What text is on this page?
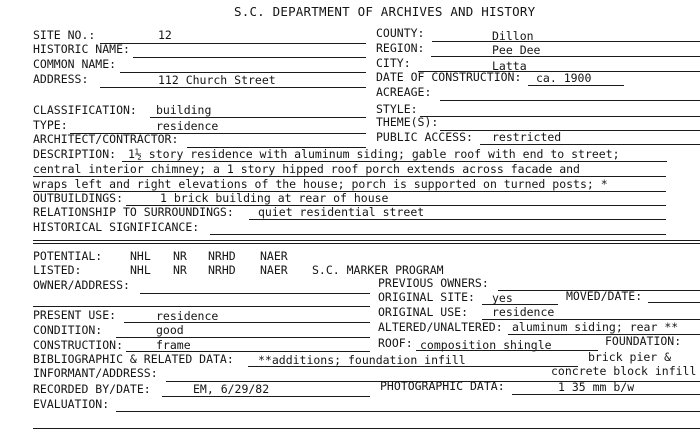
S.C. DEPARTMENT OF ARCHIVES AND HISTORY
SITE NO.:	12	COUNTY:	Dillon
HISTORIC NAME:	REGION:	Pee Dee
COMMON NAME:	CITY:	Latta
ADDRESS:	112 Church Street	DATE OF CONSTRUCTION: ca. 1900
ACREAGE:
CLASSIFICATION: building	STYLE:
TYPE:	residence	THEME(S):
ARCHITECT/CONTRACTOR:	PUBLIC ACCESS: restricted
DESCRIPTION: 1½ story residence with aluminum siding; gable roof with end to street;
central interior chimney; a 1 story hipped roof porch extends across facade and
wraps left and right elevations of the house; porch is supported on turned posts; *
OUTBUILDINGS:	1 brick building at rear of house
RELATIONSHIP TO SURROUNDINGS: quiet residential street
HISTORICAL SIGNIFICANCE:
POTENTIAL: NHL NR NRHD NAER
LISTED:	NHL NR NRHD NAER S.C. MARKER PROGRAM
OWNER/ADDRESS:	PREVIOUS OWNERS:
ORIGINAL SITE: yes	MOVED/DATE:
PRESENT USE:	residence	ORIGINAL USE: residence
CONDITION:	good	ALTERED/UNALTERED: aluminum siding; rear **
CONSTRUCTION:	frame	FOUNDATION:
ROOF: composition shingle
BIBLIOGRAPHIC & RELATED DATA: **additions; foundation infill	brick pier &
INFORMANT/ADDRESS:	concrete block infill
RECORDED BY/DATE:	EM, 6/29/82	PHOTOGRAPHIC DATA:	1 35 mm b/w
EVALUATION:
